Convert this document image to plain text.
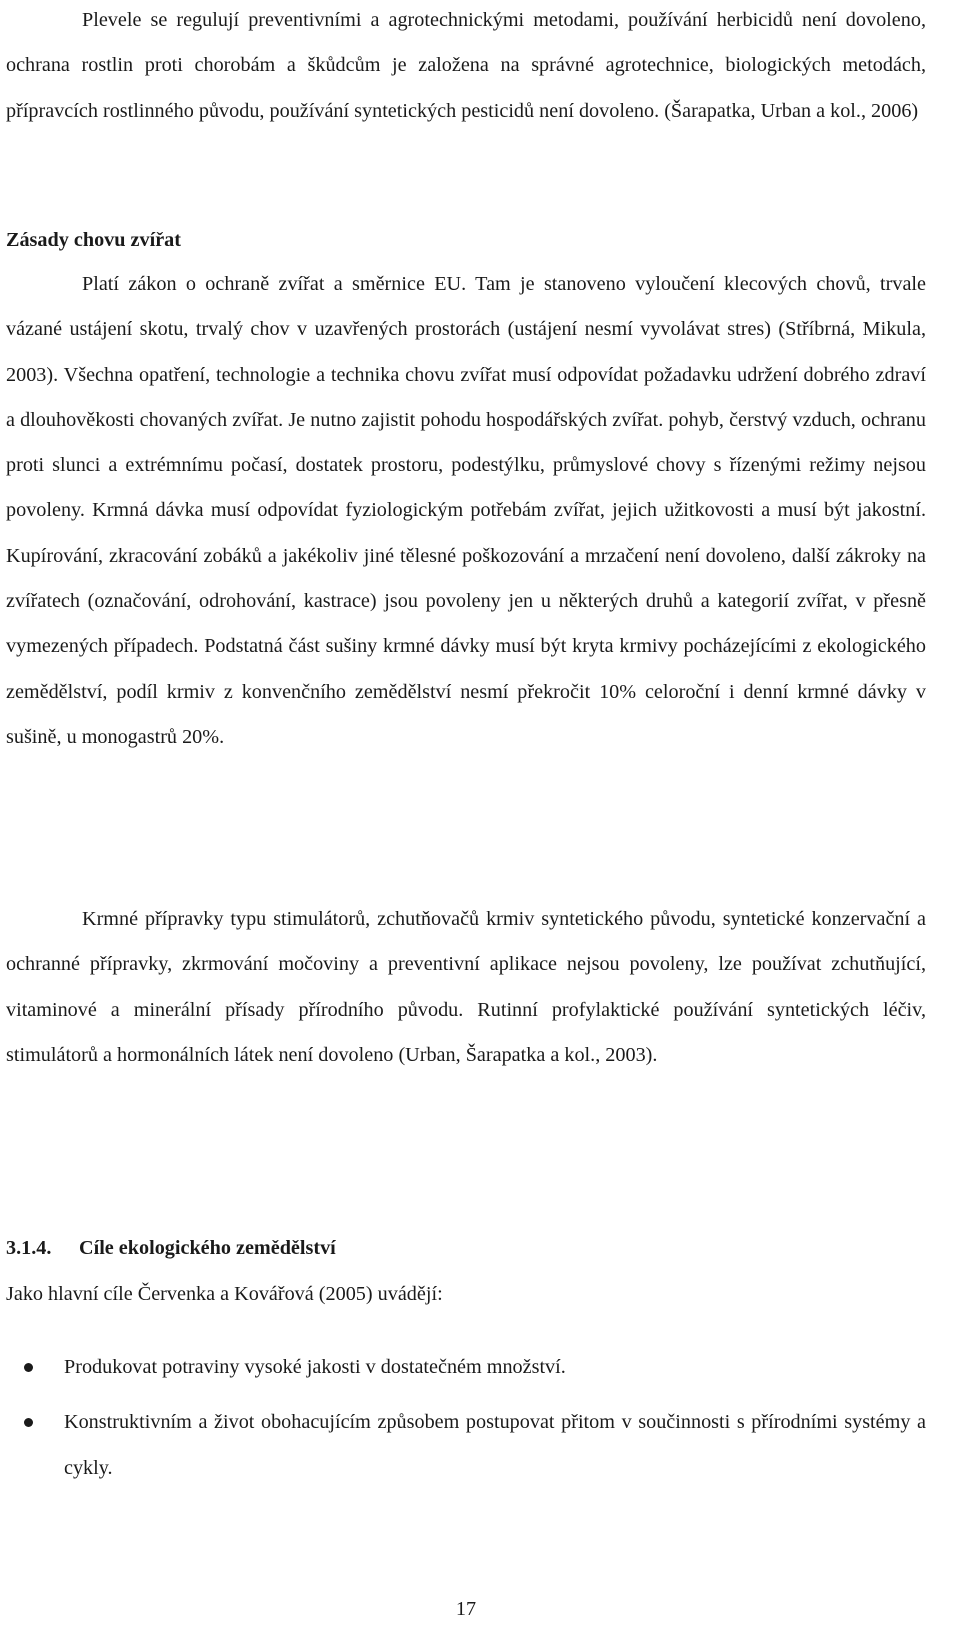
Plevele se regulují preventivními a agrotechnickými metodami, používání herbicidů není dovoleno, ochrana rostlin proti chorobám a škůdcům je založena na správné agrotechnice, biologických metodách, přípravcích rostlinného původu, používání syntetických pesticidů není dovoleno. (Šarapatka, Urban a kol., 2006)

Zásady chovu zvířat

Platí zákon o ochraně zvířat a směrnice EU. Tam je stanoveno vyloučení klecových chovů, trvale vázané ustájení skotu, trvalý chov v uzavřených prostorách (ustájení nesmí vyvolávat stres) (Stříbrná, Mikula, 2003). Všechna opatření, technologie a technika chovu zvířat musí odpovídat požadavku udržení dobrého zdraví a dlouhověkosti chovaných zvířat. Je nutno zajistit pohodu hospodářských zvířat. pohyb, čerstvý vzduch, ochranu proti slunci a extrémnímu počasí, dostatek prostoru, podestýlku, průmyslové chovy s řízenými režimy nejsou povoleny. Krmná dávka musí odpovídat fyziologickým potřebám zvířat, jejich užitkovosti a musí být jakostní. Kupírování, zkracování zobáků a jakékoliv jiné tělesné poškozování a mrzačení není dovoleno, další zákroky na zvířatech (označování, odrohování, kastrace) jsou povoleny jen u některých druhů a kategorií zvířat, v přesně vymezených případech. Podstatná část sušiny krmné dávky musí být kryta krmivy pocházejícími z ekologického zemědělství, podíl krmiv z konvenčního zemědělství nesmí překročit 10% celoroční i denní krmné dávky v sušině, u monogastrů 20%.

Krmné přípravky typu stimulátorů, zchutňovačů krmiv syntetického původu, syntetické konzervační a ochranné přípravky, zkrmování močoviny a preventivní aplikace nejsou povoleny, lze používat zchutňující, vitaminové a minerální přísady přírodního původu. Rutinní profylaktické používání syntetických léčiv, stimulátorů a hormonálních látek není dovoleno (Urban, Šarapatka a kol., 2003).

3.1.4. Cíle ekologického zemědělství

Jako hlavní cíle Červenka a Kovářová (2005) uvádějí:

Produkovat potraviny vysoké jakosti v dostatečném množství.
Konstruktivním a život obohacujícím způsobem postupovat přitom v součinnosti s přírodními systémy a cykly.

17
